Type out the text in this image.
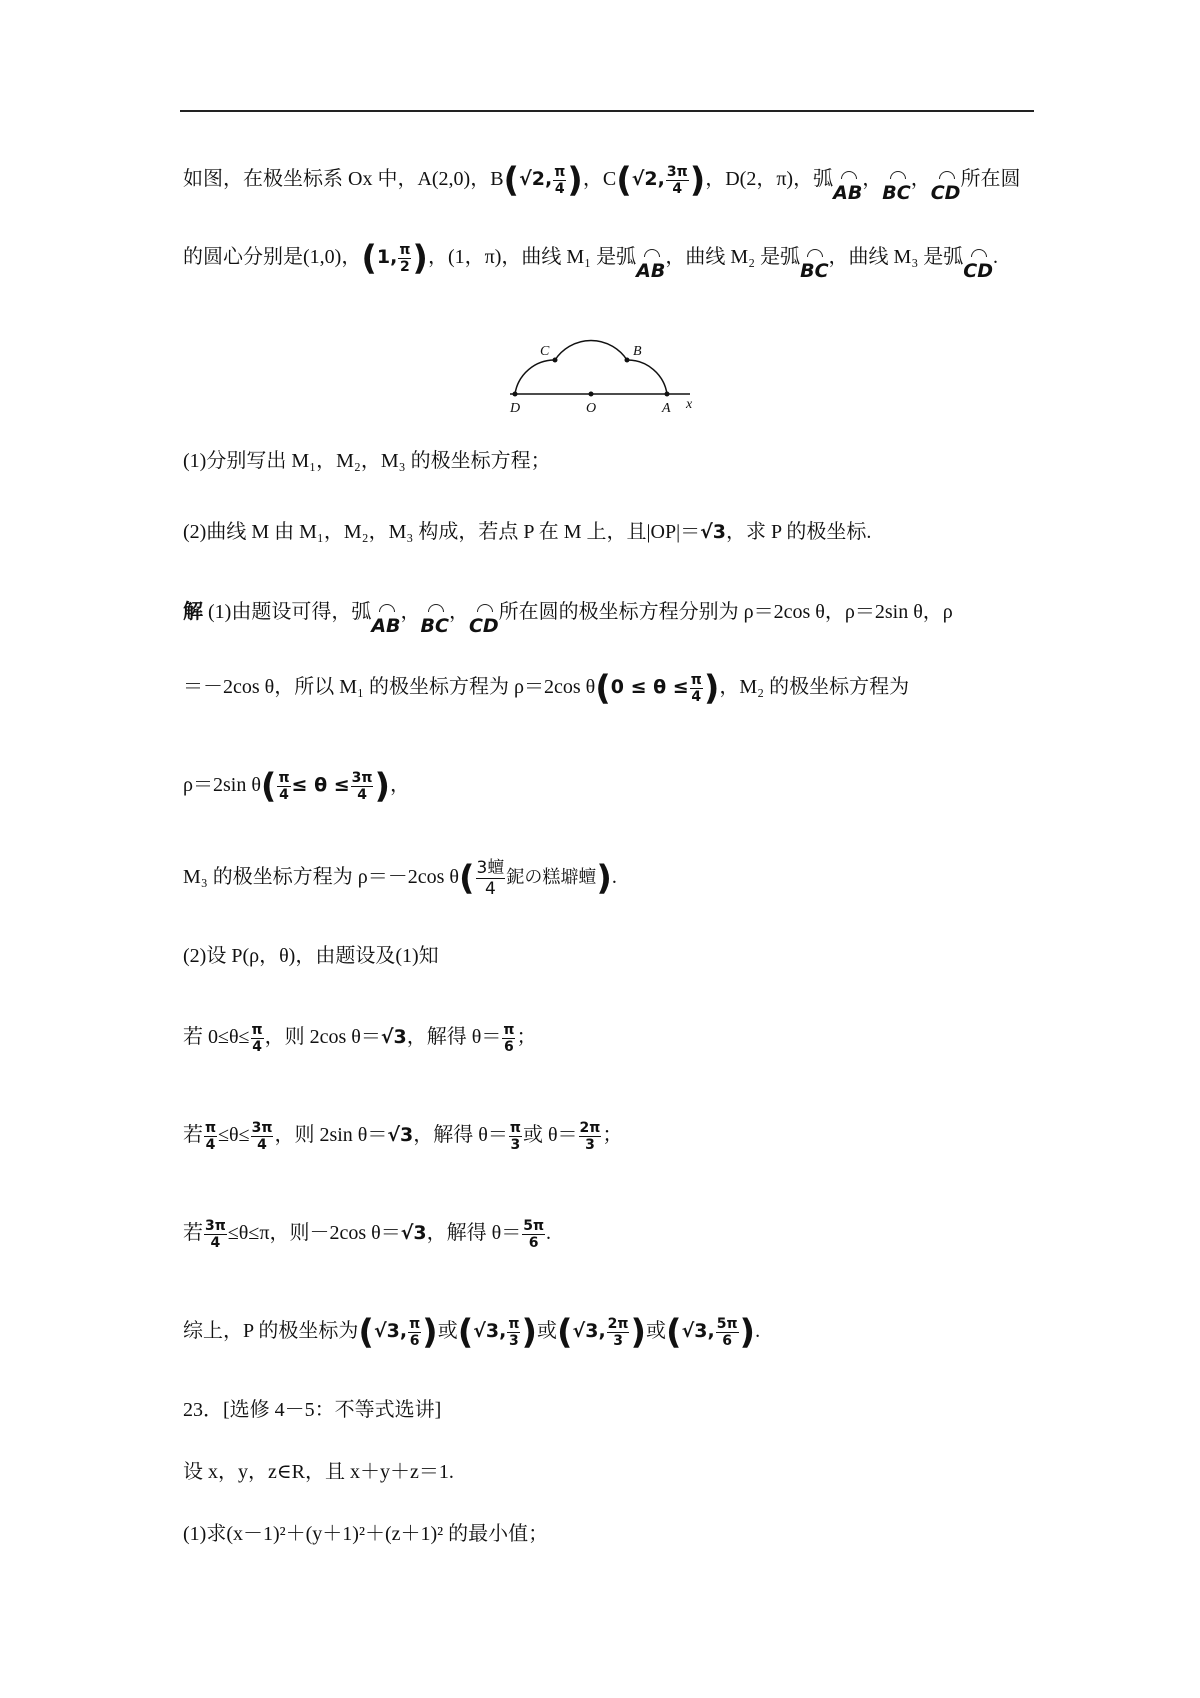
如图，在极坐标系 Ox 中，A(2,0)，B(√2, $\frac{\pi}{4}$ )，C(√2, $\frac{3\pi}{4}$ )，D(2，π)，弧AB，BC，CD所在圆
的圆心分别是(1,0)，(1, $\frac{\pi}{2}$ )，(1，π)，曲线 M₁ 是弧AB，曲线 M₂ 是弧BC，曲线 M₃ 是弧CD.
C	B
D	O	A x
(1)分别写出 M₁，M₂，M₃ 的极坐标方程；
(2)曲线 M 由 M₁，M₂，M₃ 构成，若点 P 在 M 上，且|OP|＝√3，求 P 的极坐标.
解 (1)由题设可得，弧AB，BC，CD所在圆的极坐标方程分别为 ρ＝2cos θ，ρ＝2sin θ，ρ
＝－2cos θ，所以 M₁ 的极坐标方程为 ρ＝2cos $\theta(0 \le \theta \le \frac{\pi}{4}$ )，M₂ 的极坐标方程为
ρ＝2sin $\theta( \frac{\pi}{4} \le \theta \le \frac{3\pi}{4}$ )，
M₃ 的极坐标方程为 ρ＝－2cos $\theta( \frac{\text{3蟺}}{4}$ 鈮の糕壀蟺).
(2)设 P(ρ，θ)，由题设及(1)知
若 $0\le\theta\le \frac{\pi}{4}$ ，则 2cos θ＝√3，解得 $\theta= \frac{\pi}{6}$ ；
若 $\frac{\pi}{4} \le\theta\le \frac{3\pi}{4}$ ，则 2sin θ＝√3，解得 $\theta= \frac{\pi}{3}$ 或 $\theta= \frac{2\pi}{3}$ ；
若 $\frac{3\pi}{4} \le\theta\le\pi$，则－2cos θ＝√3，解得 $\theta= \frac{5\pi}{6}$ .
综上，P 的极坐标为(√3, $\frac{\pi}{6}$ )或(√3, $\frac{\pi}{3}$ )或(√3, $\frac{2\pi}{3}$ )或(√3, $\frac{5\pi}{6}$ ).
23．[选修 4－5：不等式选讲]
设 x，y，z∈R，且 x＋y＋z＝1.
(1)求(x－1)²＋(y＋1)²＋(z＋1)² 的最小值；
